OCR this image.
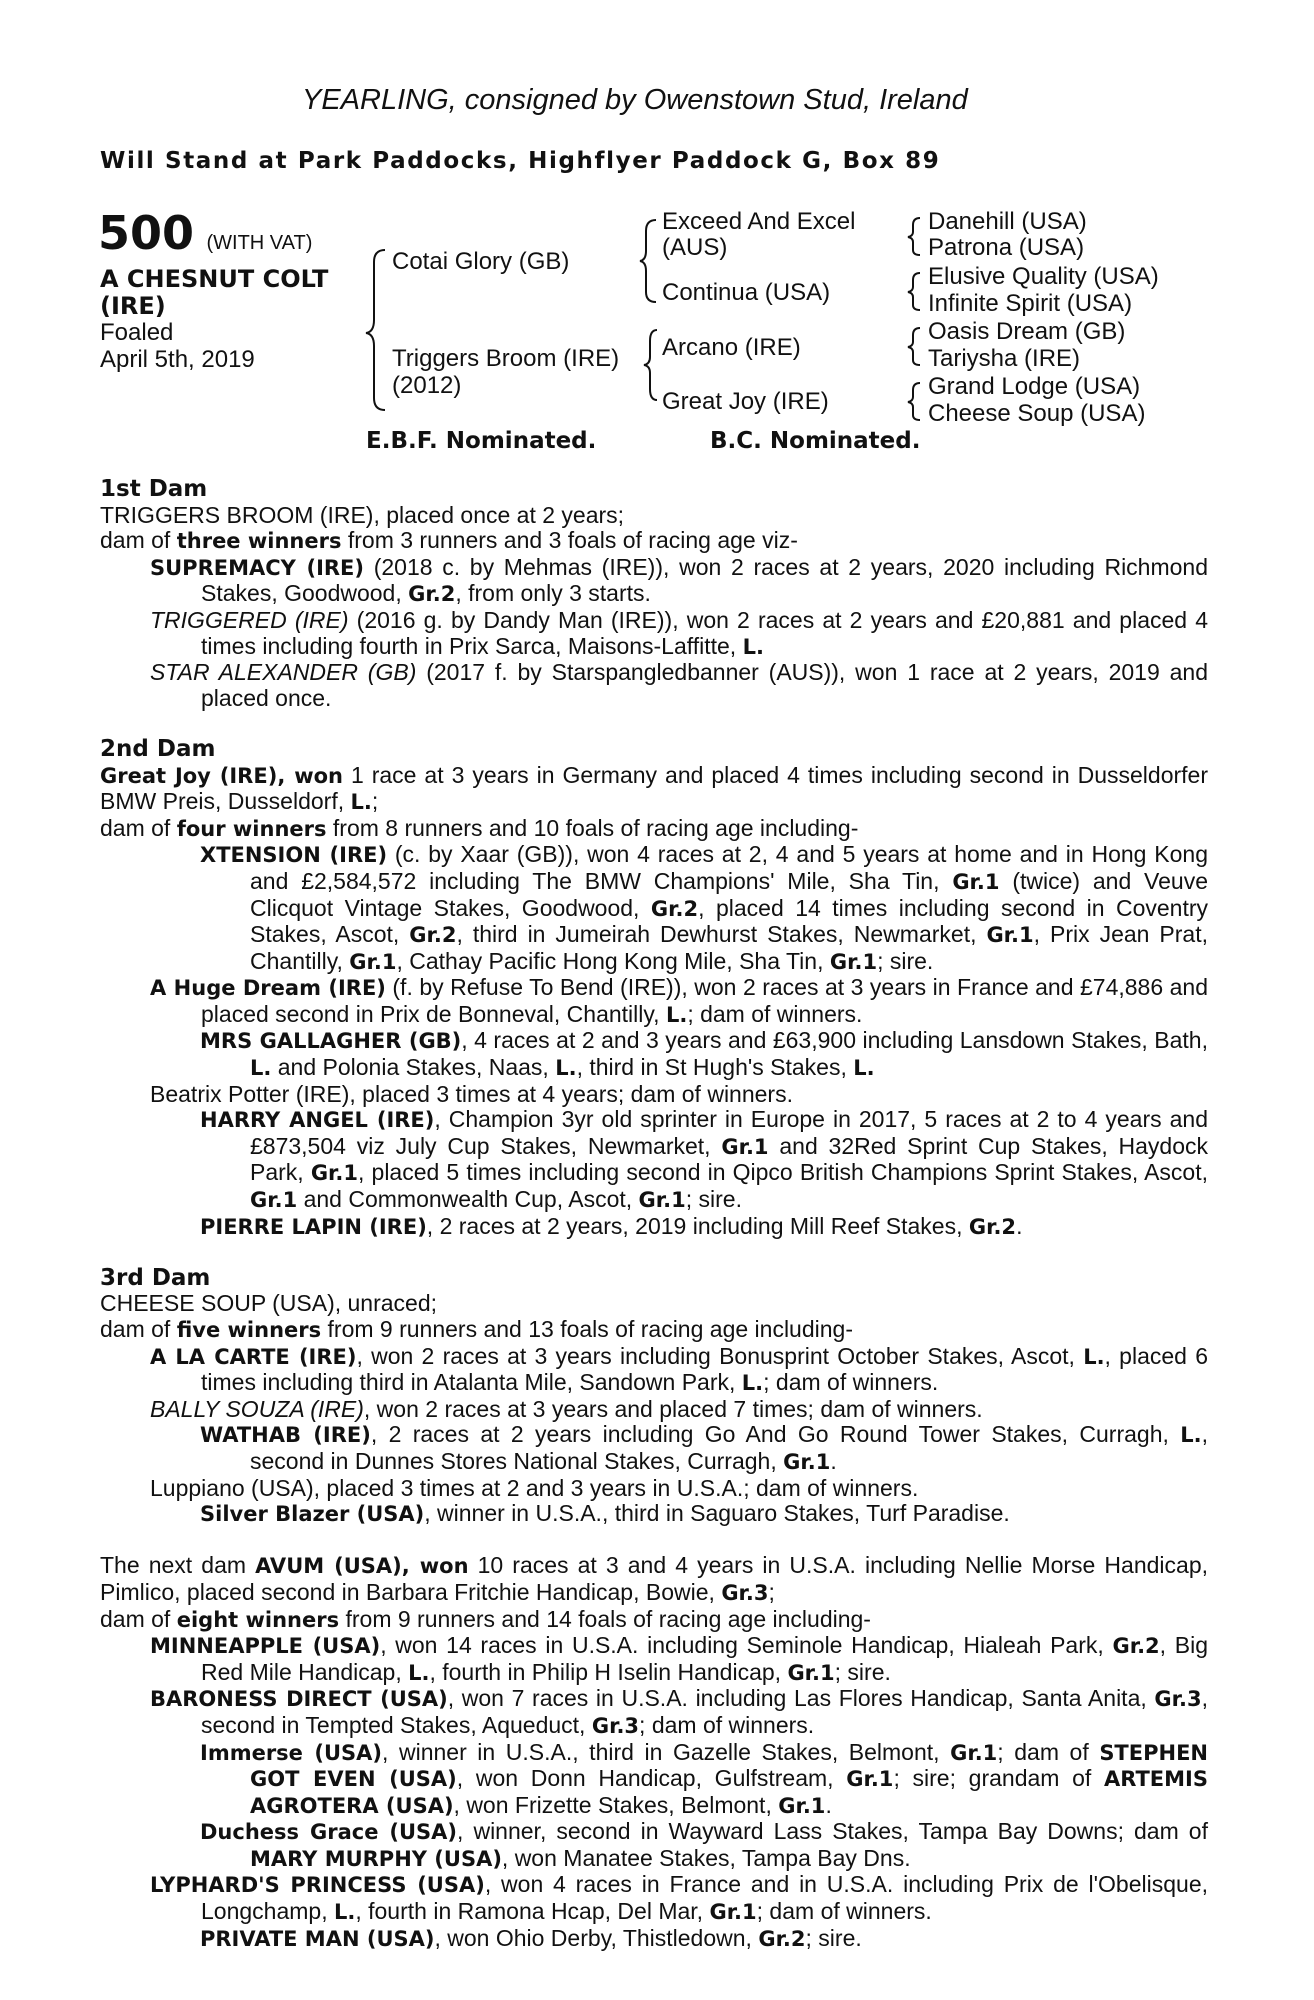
YEARLING, consigned by Owenstown Stud, Ireland
Will Stand at Park Paddocks, Highflyer Paddock G, Box 89
500 (WITH VAT)
A CHESNUT COLT
(IRE)
Foaled
April 5th, 2019
Cotai Glory (GB)
Triggers Broom (IRE)
(2012)
Exceed And Excel
(AUS)
Continua (USA)
Arcano (IRE)
Great Joy (IRE)
Danehill (USA)
Patrona (USA)
Elusive Quality (USA)
Infinite Spirit (USA)
Oasis Dream (GB)
Tariysha (IRE)
Grand Lodge (USA)
Cheese Soup (USA)
E.B.F. Nominated.	B.C. Nominated.

1st Dam

TRIGGERS BROOM (IRE), placed once at 2 years;

dam of three winners from 3 runners and 3 foals of racing age viz-

SUPREMACY (IRE) (2018 c. by Mehmas (IRE)), won 2 races at 2 years, 2020 including Richmond Stakes, Goodwood, Gr.2, from only 3 starts.

TRIGGERED (IRE) (2016 g. by Dandy Man (IRE)), won 2 races at 2 years and £20,881 and placed 4 times including fourth in Prix Sarca, Maisons-Laffitte, L.

STAR ALEXANDER (GB) (2017 f. by Starspangledbanner (AUS)), won 1 race at 2 years, 2019 and placed once.

2nd Dam

Great Joy (IRE), won 1 race at 3 years in Germany and placed 4 times including second in Dusseldorfer BMW Preis, Dusseldorf, L.;

dam of four winners from 8 runners and 10 foals of racing age including-

XTENSION (IRE) (c. by Xaar (GB)), won 4 races at 2, 4 and 5 years at home and in Hong Kong and £2,584,572 including The BMW Champions' Mile, Sha Tin, Gr.1 (twice) and Veuve Clicquot Vintage Stakes, Goodwood, Gr.2, placed 14 times including second in Coventry Stakes, Ascot, Gr.2, third in Jumeirah Dewhurst Stakes, Newmarket, Gr.1, Prix Jean Prat, Chantilly, Gr.1, Cathay Pacific Hong Kong Mile, Sha Tin, Gr.1; sire.

A Huge Dream (IRE) (f. by Refuse To Bend (IRE)), won 2 races at 3 years in France and £74,886 and placed second in Prix de Bonneval, Chantilly, L.; dam of winners.

MRS GALLAGHER (GB), 4 races at 2 and 3 years and £63,900 including Lansdown Stakes, Bath, L. and Polonia Stakes, Naas, L., third in St Hugh's Stakes, L.

Beatrix Potter (IRE), placed 3 times at 4 years; dam of winners.

HARRY ANGEL (IRE), Champion 3yr old sprinter in Europe in 2017, 5 races at 2 to 4 years and £873,504 viz July Cup Stakes, Newmarket, Gr.1 and 32Red Sprint Cup Stakes, Haydock Park, Gr.1, placed 5 times including second in Qipco British Champions Sprint Stakes, Ascot, Gr.1 and Commonwealth Cup, Ascot, Gr.1; sire.

PIERRE LAPIN (IRE), 2 races at 2 years, 2019 including Mill Reef Stakes, Gr.2.

3rd Dam

CHEESE SOUP (USA), unraced;

dam of five winners from 9 runners and 13 foals of racing age including-

A LA CARTE (IRE), won 2 races at 3 years including Bonusprint October Stakes, Ascot, L., placed 6 times including third in Atalanta Mile, Sandown Park, L.; dam of winners.

BALLY SOUZA (IRE), won 2 races at 3 years and placed 7 times; dam of winners.

WATHAB (IRE), 2 races at 2 years including Go And Go Round Tower Stakes, Curragh, L., second in Dunnes Stores National Stakes, Curragh, Gr.1.

Luppiano (USA), placed 3 times at 2 and 3 years in U.S.A.; dam of winners.

Silver Blazer (USA), winner in U.S.A., third in Saguaro Stakes, Turf Paradise.

The next dam AVUM (USA), won 10 races at 3 and 4 years in U.S.A. including Nellie Morse Handicap, Pimlico, placed second in Barbara Fritchie Handicap, Bowie, Gr.3;

dam of eight winners from 9 runners and 14 foals of racing age including-

MINNEAPPLE (USA), won 14 races in U.S.A. including Seminole Handicap, Hialeah Park, Gr.2, Big Red Mile Handicap, L., fourth in Philip H Iselin Handicap, Gr.1; sire.

BARONESS DIRECT (USA), won 7 races in U.S.A. including Las Flores Handicap, Santa Anita, Gr.3, second in Tempted Stakes, Aqueduct, Gr.3; dam of winners.

Immerse (USA), winner in U.S.A., third in Gazelle Stakes, Belmont, Gr.1; dam of STEPHEN GOT EVEN (USA), won Donn Handicap, Gulfstream, Gr.1; sire; grandam of ARTEMIS AGROTERA (USA), won Frizette Stakes, Belmont, Gr.1.

Duchess Grace (USA), winner, second in Wayward Lass Stakes, Tampa Bay Downs; dam of MARY MURPHY (USA), won Manatee Stakes, Tampa Bay Dns.

LYPHARD'S PRINCESS (USA), won 4 races in France and in U.S.A. including Prix de l'Obelisque, Longchamp, L., fourth in Ramona Hcap, Del Mar, Gr.1; dam of winners.

PRIVATE MAN (USA), won Ohio Derby, Thistledown, Gr.2; sire.
